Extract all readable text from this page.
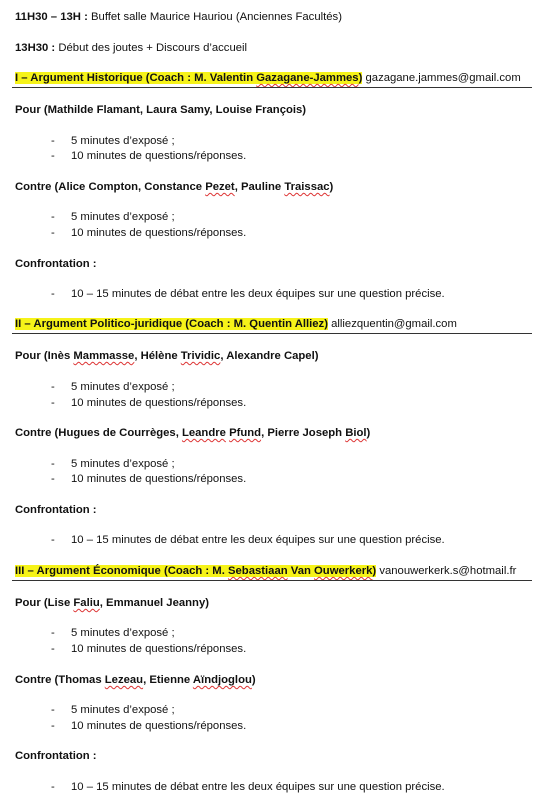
11H30 – 13H : Buffet salle Maurice Hauriou (Anciennes Facultés)
13H30 : Début des joutes + Discours d’accueil
I – Argument Historique (Coach : M. Valentin Gazagane-Jammes) gazagane.jammes@gmail.com
Pour (Mathilde Flamant, Laura Samy, Louise François)
- 5 minutes d’exposé ;
- 10 minutes de questions/réponses.
Contre (Alice Compton, Constance Pezet, Pauline Traissac)
- 5 minutes d’exposé ;
- 10 minutes de questions/réponses.
Confrontation :
- 10 – 15 minutes de débat entre les deux équipes sur une question précise.
II – Argument Politico-juridique (Coach : M. Quentin Alliez) alliezquentin@gmail.com
Pour (Inès Mammasse, Hélène Trividic, Alexandre Capel)
- 5 minutes d’exposé ;
- 10 minutes de questions/réponses.
Contre (Hugues de Courrèges, Leandre Pfund, Pierre Joseph Biol)
- 5 minutes d’exposé ;
- 10 minutes de questions/réponses.
Confrontation :
- 10 – 15 minutes de débat entre les deux équipes sur une question précise.
III – Argument Économique (Coach : M. Sebastiaan Van Ouwerkerk) vanouwerkerk.s@hotmail.fr
Pour (Lise Faliu, Emmanuel Jeanny)
- 5 minutes d’exposé ;
- 10 minutes de questions/réponses.
Contre (Thomas Lezeau, Etienne Aïndjoglou)
- 5 minutes d’exposé ;
- 10 minutes de questions/réponses.
Confrontation :
- 10 – 15 minutes de débat entre les deux équipes sur une question précise.
